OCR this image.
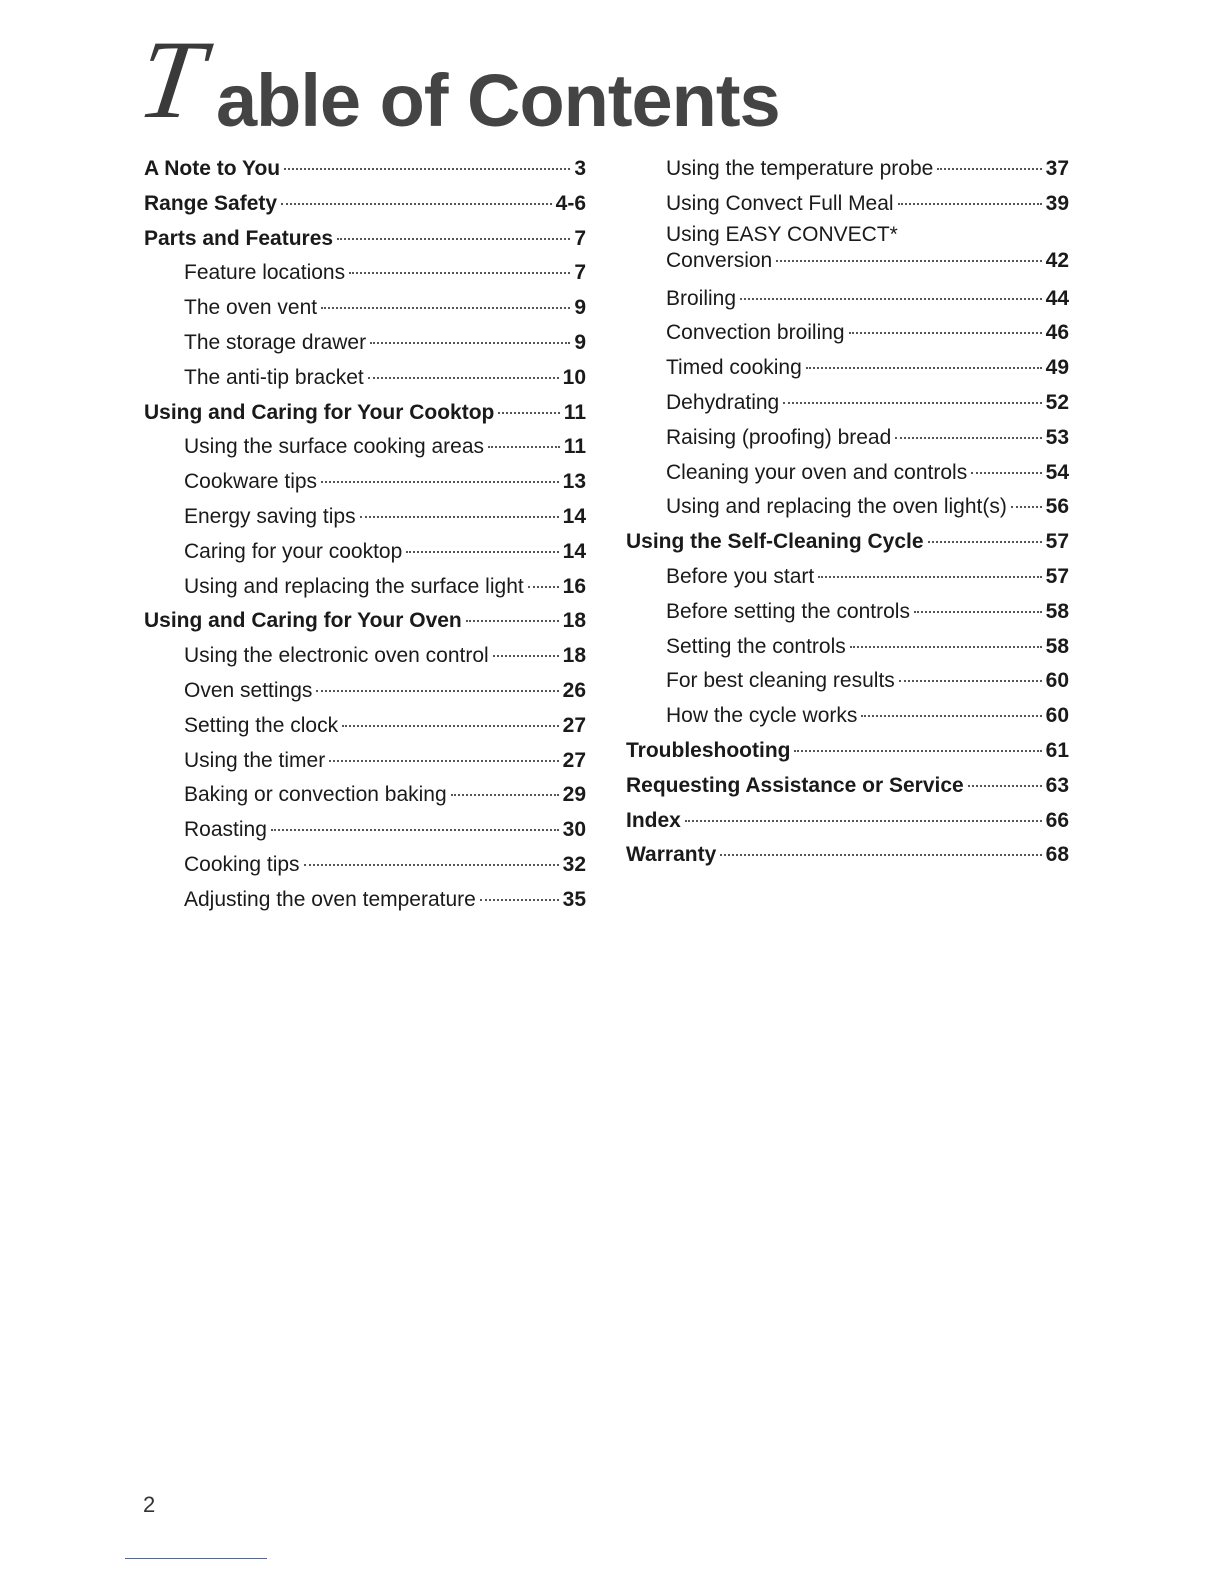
T able of Contents
A Note to You	3
Range Safety	4-6
Parts and Features	7
Feature locations	7
The oven vent	9
The storage drawer	9
The anti-tip bracket	10
Using and Caring for Your Cooktop	11
Using the surface cooking areas	11
Cookware tips	13
Energy saving tips	14
Caring for your cooktop	14
Using and replacing the surface light 16
Using and Caring for Your Oven	18
Using the electronic oven control	18
Oven settings	26
Setting the clock	27
Using the timer	27
Baking or convection baking	29
Roasting	30
Cooking tips	32
Adjusting the oven temperature	35
Using the temperature probe	37
Using Convect Full Meal	39
Using EASY CONVECT*
Conversion	42
Broiling	44
Convection broiling	46
Timed cooking	49
Dehydrating	52
Raising (proofing) bread	53
Cleaning your oven and controls	54
Using and replacing the oven light(s) 56
Using the Self-Cleaning Cycle	57
Before you start	57
Before setting the controls	58
Setting the controls	58
For best cleaning results	60
How the cycle works	60
Troubleshooting	61
Requesting Assistance or Service	63
Index	66
Warranty	68
2
